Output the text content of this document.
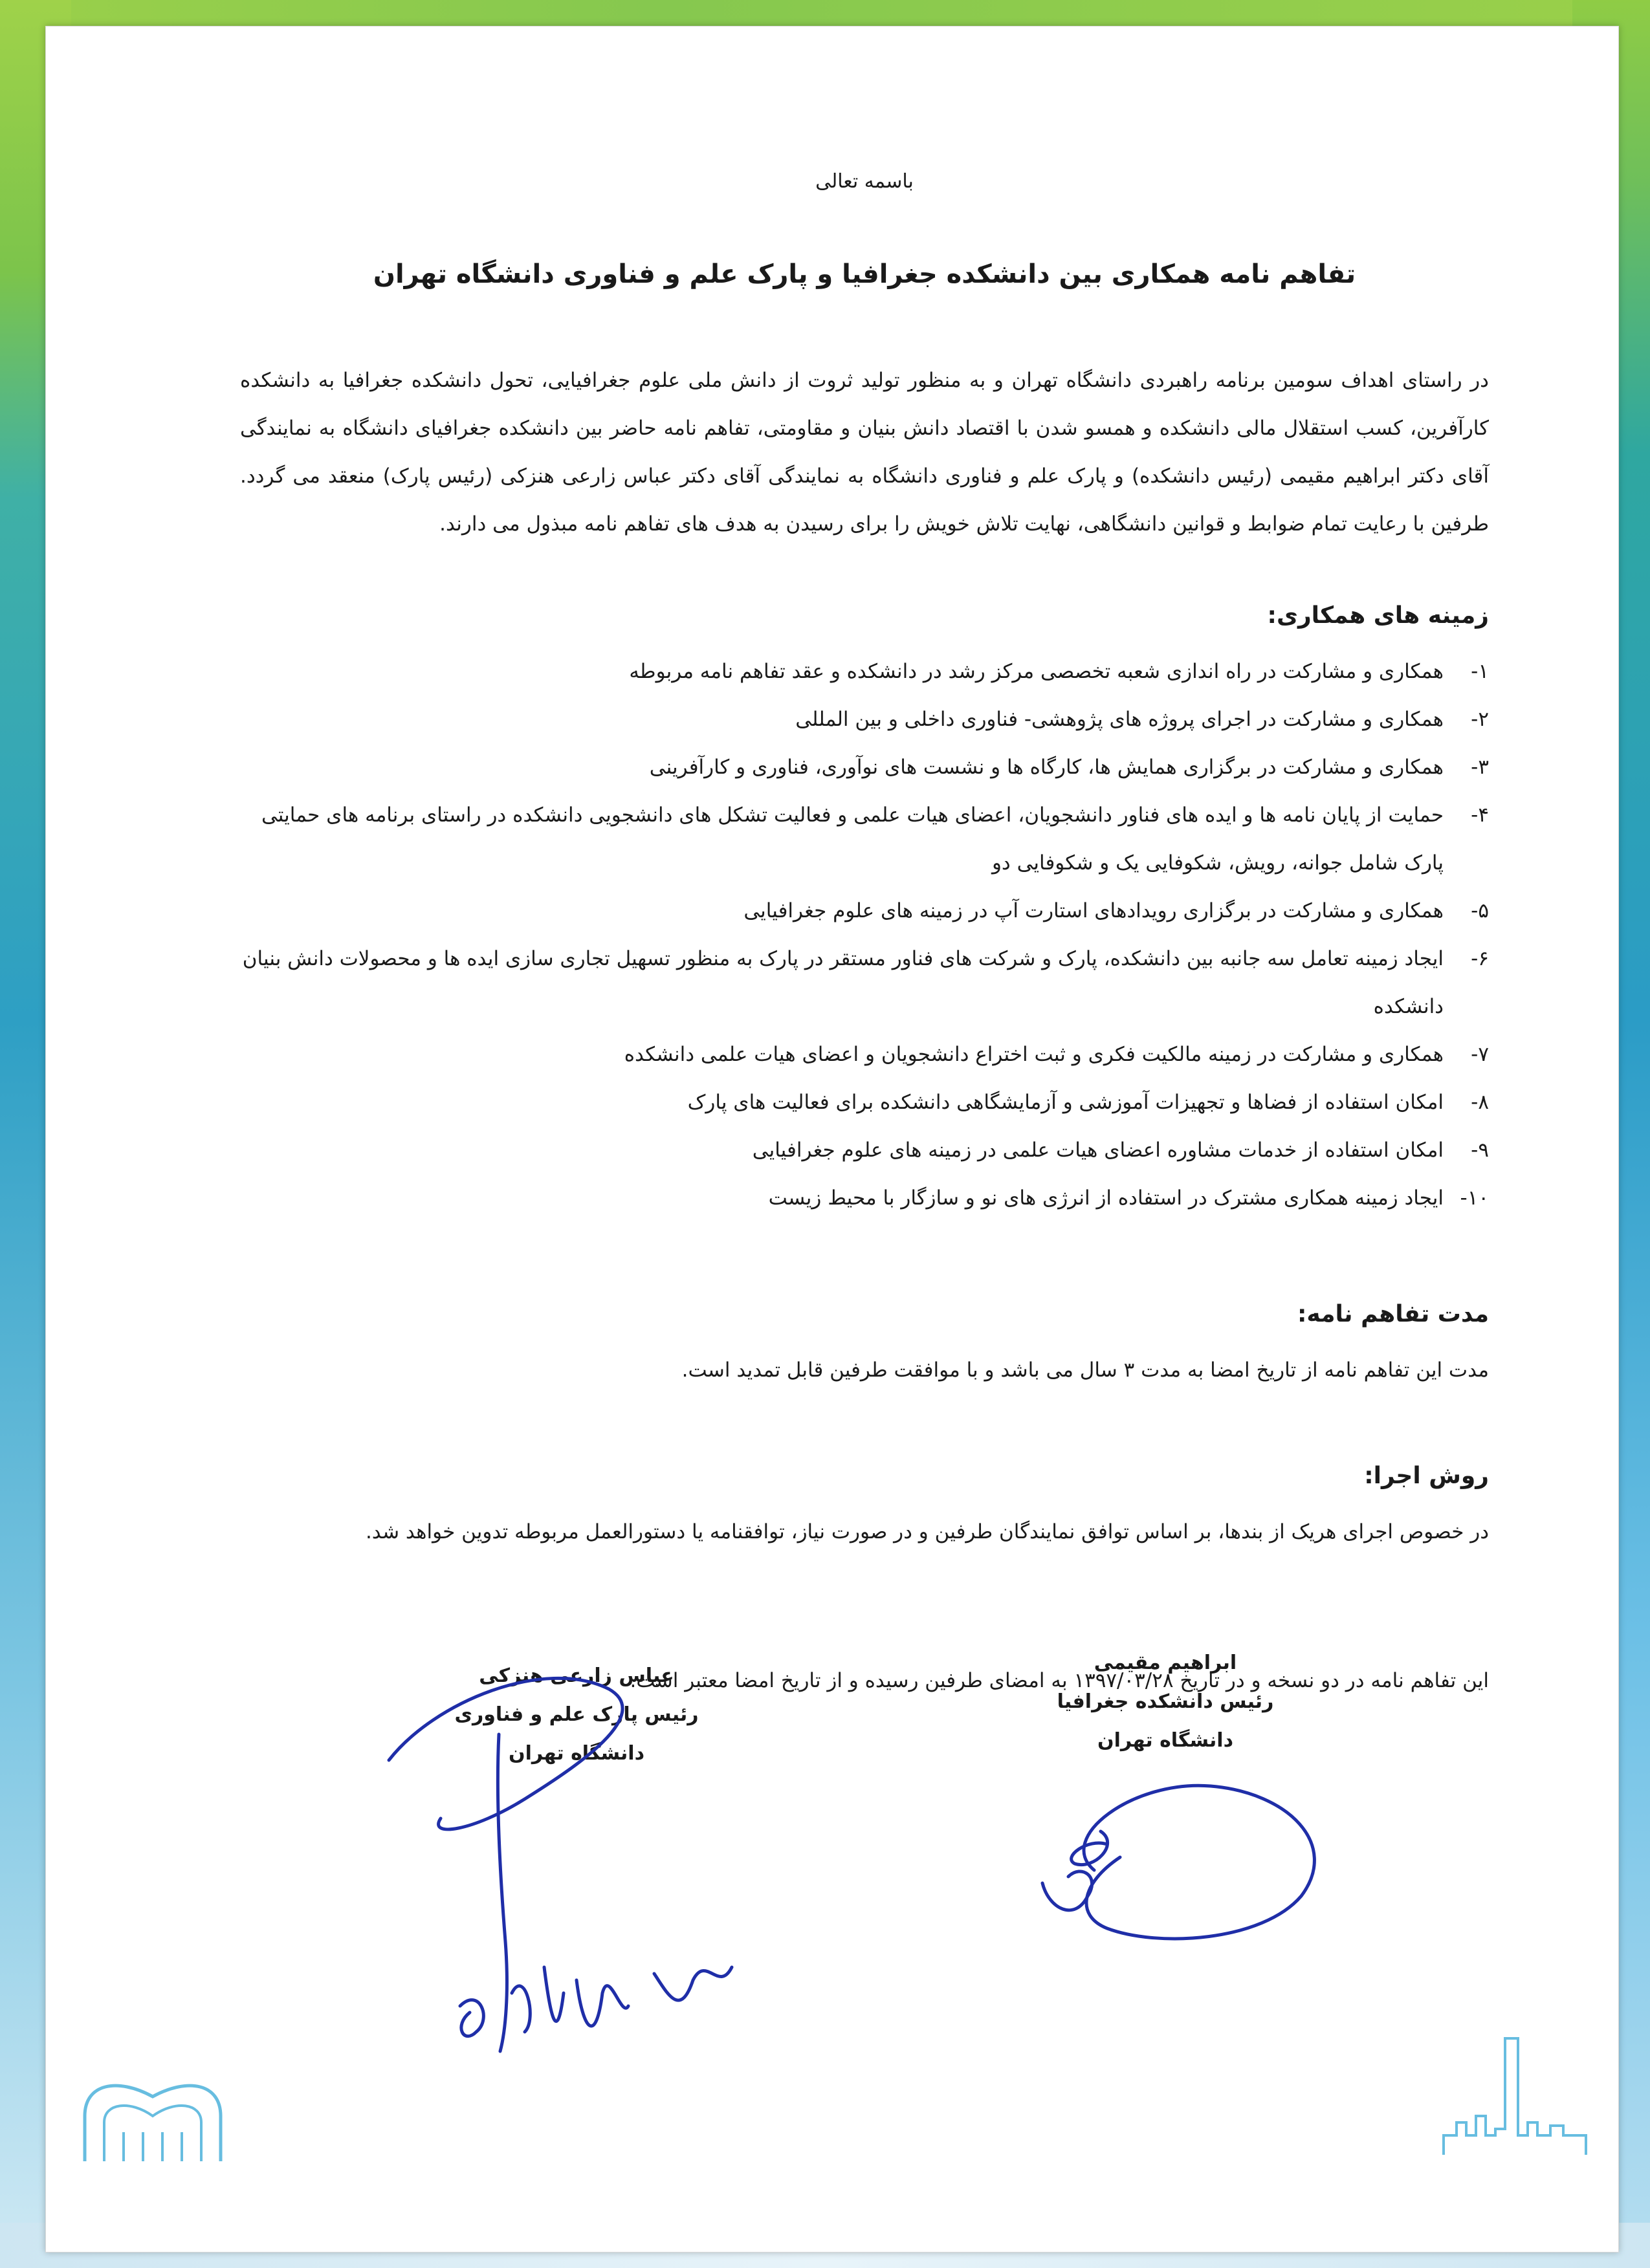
باسمه تعالی
تفاهم نامه همکاری بین دانشکده جغرافیا و پارک علم و فناوری دانشگاه تهران

در راستای اهداف سومین برنامه راهبردی دانشگاه تهران و به منظور تولید ثروت از دانش ملی علوم جغرافیایی، تحول دانشکده جغرافیا به دانشکده کارآفرین، کسب استقلال مالی دانشکده و همسو شدن با اقتصاد دانش بنیان و مقاومتی، تفاهم نامه حاضر بین دانشکده جغرافیای دانشگاه به نمایندگی آقای دکتر ابراهیم مقیمی (رئیس دانشکده) و پارک علم و فناوری دانشگاه به نمایندگی آقای دکتر عباس زارعی هنزکی (رئیس پارک) منعقد می گردد. طرفین با رعایت تمام ضوابط و قوانین دانشگاهی، نهایت تلاش خویش را برای رسیدن به هدف های تفاهم نامه مبذول می دارند.

زمینه های همکاری:
۱-
همکاری و مشارکت در راه اندازی شعبه تخصصی مرکز رشد در دانشکده و عقد تفاهم نامه مربوطه
۲-
همکاری و مشارکت در اجرای پروژه های پژوهشی- فناوری داخلی و بین المللی
۳-
همکاری و مشارکت در برگزاری همایش ها، کارگاه ها و نشست های نوآوری، فناوری و کارآفرینی
۴-
حمایت از پایان نامه ها و ایده های فناور دانشجویان، اعضای هیات علمی و فعالیت تشکل های دانشجویی دانشکده در راستای برنامه های حمایتی پارک شامل جوانه، رویش، شکوفایی یک و شکوفایی دو
۵-
همکاری و مشارکت در برگزاری رویدادهای استارت آپ در زمینه های علوم جغرافیایی
۶-
ایجاد زمینه تعامل سه جانبه بین دانشکده، پارک و شرکت های فناور مستقر در پارک به منظور تسهیل تجاری سازی ایده ها و محصولات دانش بنیان دانشکده
۷-
همکاری و مشارکت در زمینه مالکیت فکری و ثبت اختراع دانشجویان و اعضای هیات علمی دانشکده
۸-
امکان استفاده از فضاها و تجهیزات آموزشی و آزمایشگاهی دانشکده برای فعالیت های پارک
۹-
امکان استفاده از خدمات مشاوره اعضای هیات علمی در زمینه های علوم جغرافیایی
۱۰-
ایجاد زمینه همکاری مشترک در استفاده از انرژی های نو و سازگار با محیط زیست
مدت تفاهم نامه:
مدت این تفاهم نامه از تاریخ امضا به مدت ۳ سال می باشد و با موافقت طرفین قابل تمدید است.
روش اجرا:
در خصوص اجرای هریک از بندها، بر اساس توافق نمایندگان طرفین و در صورت نیاز، توافقنامه یا دستورالعمل مربوطه تدوین خواهد شد.
این تفاهم نامه در دو نسخه و در تاریخ ۱۳۹۷/۰۳/۲۸ به امضای طرفین رسیده و از تاریخ امضا معتبر است.
عباس زارعی هنزکی
رئیس پارک علم و فناوری
دانشگاه تهران
ابراهیم مقیمی
رئیس دانشکده جغرافیا
دانشگاه تهران
